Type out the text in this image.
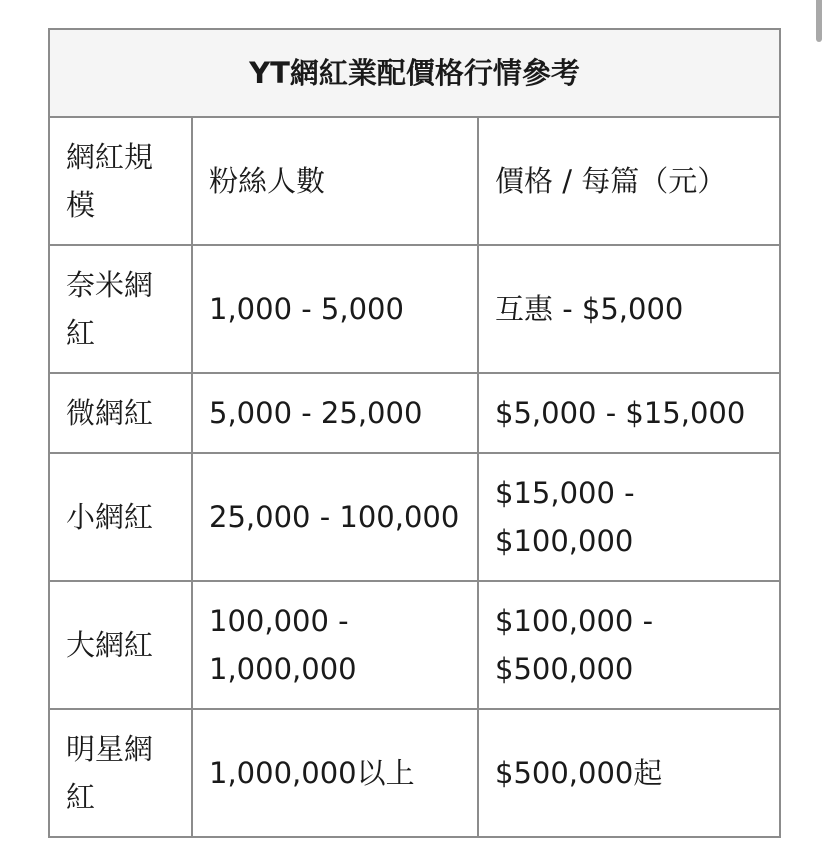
YT網紅業配價格行情參考		
網紅規模	粉絲人數	價格 / 每篇（元）
奈米網紅	1,000 - 5,000	互惠 - $5,000
微網紅	5,000 - 25,000	$5,000 - $15,000
小網紅	25,000 - 100,000	$15,000 - $100,000
大網紅	100,000 - 1,000,000	$100,000 - $500,000
明星網紅	1,000,000以上	$500,000起
